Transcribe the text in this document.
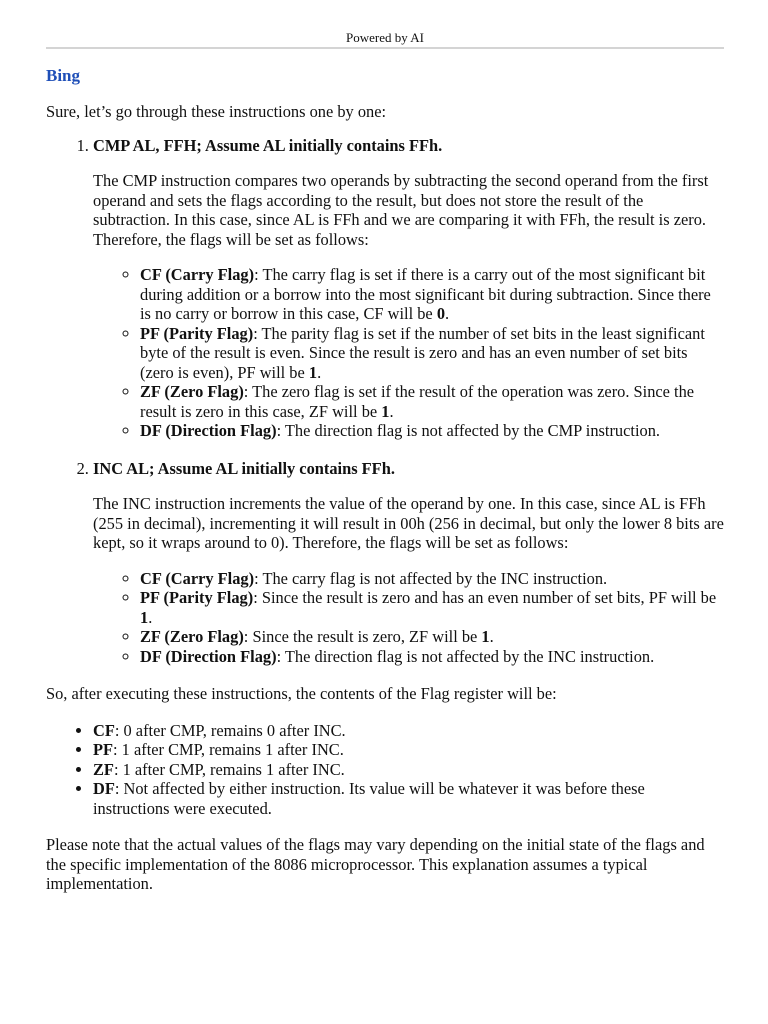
Powered by AI
Bing

Sure, let’s go through these instructions one by one:

1. CMP AL, FFH; Assume AL initially contains FFh.

The CMP instruction compares two operands by subtracting the second operand from the first operand and sets the flags according to the result, but does not store the result of the subtraction. In this case, since AL is FFh and we are comparing it with FFh, the result is zero. Therefore, the flags will be set as follows:

◦ CF (Carry Flag): The carry flag is set if there is a carry out of the most significant bit during addition or a borrow into the most significant bit during subtraction. Since there is no carry or borrow in this case, CF will be 0.
◦ PF (Parity Flag): The parity flag is set if the number of set bits in the least significant byte of the result is even. Since the result is zero and has an even number of set bits (zero is even), PF will be 1.
◦ ZF (Zero Flag): The zero flag is set if the result of the operation was zero. Since the result is zero in this case, ZF will be 1.
◦ DF (Direction Flag): The direction flag is not affected by the CMP instruction.
2. INC AL; Assume AL initially contains FFh.

The INC instruction increments the value of the operand by one. In this case, since AL is FFh (255 in decimal), incrementing it will result in 00h (256 in decimal, but only the lower 8 bits are kept, so it wraps around to 0). Therefore, the flags will be set as follows:

◦ CF (Carry Flag): The carry flag is not affected by the INC instruction.
◦ PF (Parity Flag): Since the result is zero and has an even number of set bits, PF will be 1.
◦ ZF (Zero Flag): Since the result is zero, ZF will be 1.
◦ DF (Direction Flag): The direction flag is not affected by the INC instruction.

So, after executing these instructions, the contents of the Flag register will be:

• CF: 0 after CMP, remains 0 after INC.
• PF: 1 after CMP, remains 1 after INC.
• ZF: 1 after CMP, remains 1 after INC.
• DF: Not affected by either instruction. Its value will be whatever it was before these instructions were executed.

Please note that the actual values of the flags may vary depending on the initial state of the flags and the specific implementation of the 8086 microprocessor. This explanation assumes a typical implementation.
